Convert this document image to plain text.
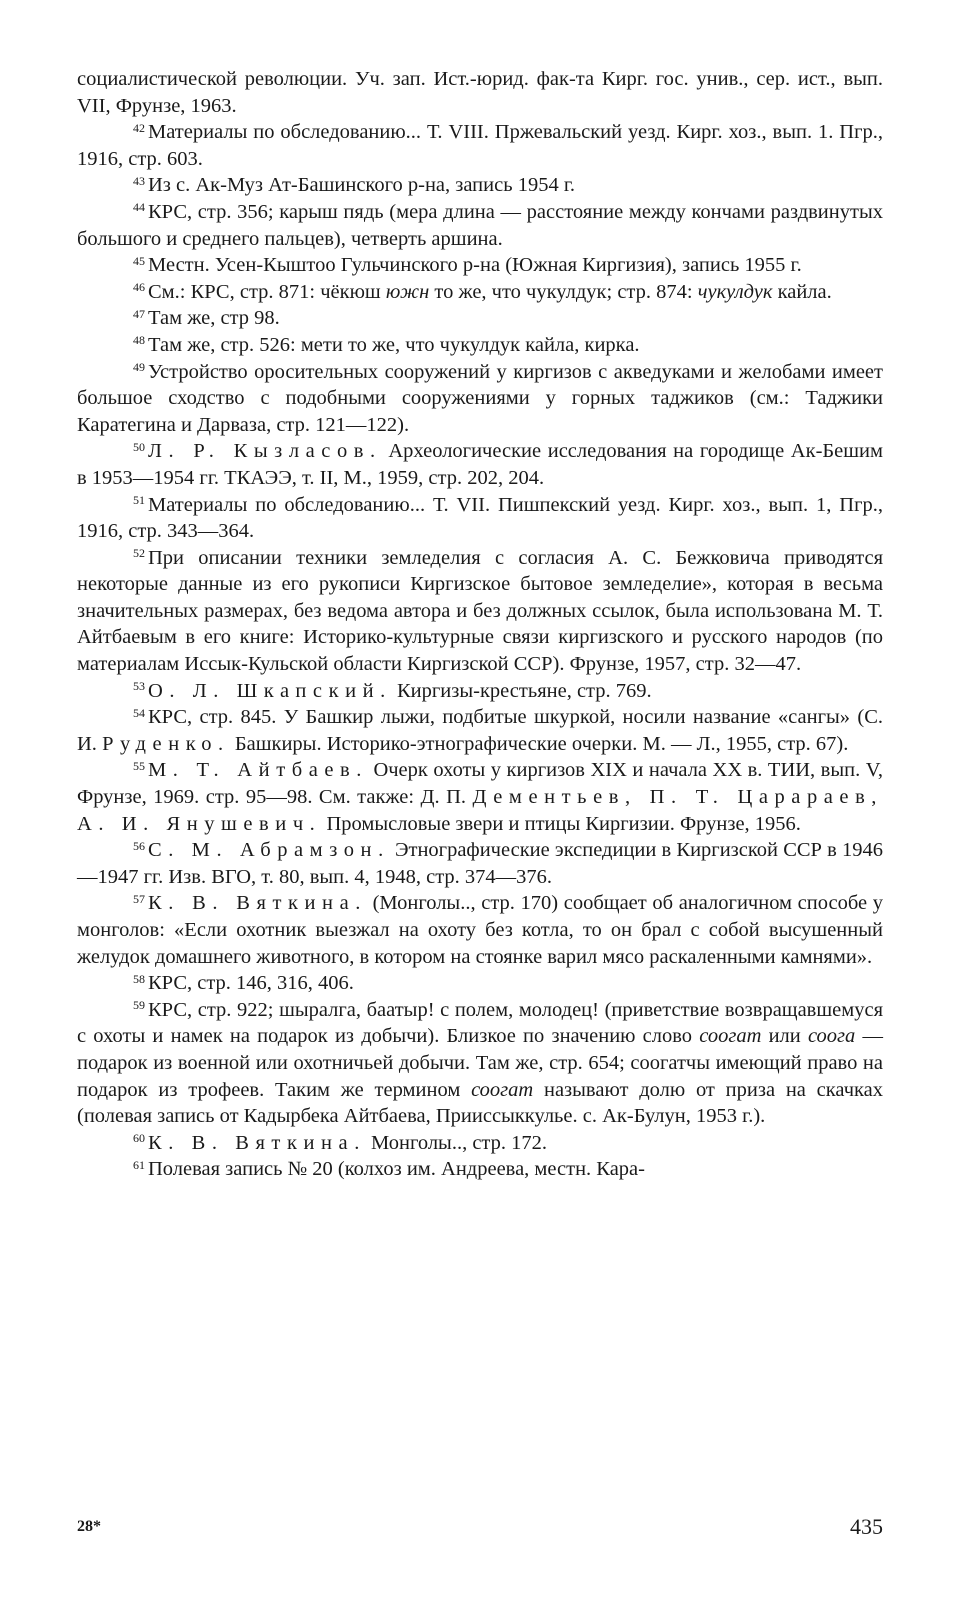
социалистической революции. Уч. зап. Ист.-юрид. фак-та Кирг. гос. унив., сер. ист., вып. VII, Фрунзе, 1963.

$^{42}$ Материалы по обследованию... Т. VIII. Пржевальский уезд. Кирг. хоз., вып. 1. Пгр., 1916, стр. 603.

$^{43}$ Из с. Ак-Муз Ат-Башинского р-на, запись 1954 г.

$^{44}$ КРС, стр. 356; карыш пядь (мера длина — расстояние между кончами раздвинутых большого и среднего пальцев), четверть аршина.

$^{45}$ Местн. Усен-Кыштоо Гульчинского р-на (Южная Киргизия), запись 1955 г.

$^{46}$ См.: КРС, стр. 871: чёкюш южн то же, что чукулдук; стр. 874: чукулдук кайла.

$^{47}$ Там же, стр 98.

$^{48}$ Там же, стр. 526: мети то же, что чукулдук кайла, кирка.

$^{49}$ Устройство оросительных сооружений у киргизов с акведуками и желобами имеет большое сходство с подобными сооружениями у горных таджиков (см.: Таджики Каратегина и Дарваза, стр. 121—122).

$^{50}$ Л. Р. Кызласов. Археологические исследования на городище Ак-Бешим в 1953—1954 гг. ТКАЭЭ, т. II, М., 1959, стр. 202, 204.

$^{51}$ Материалы по обследованию... Т. VII. Пишпекский уезд. Кирг. хоз., вып. 1, Пгр., 1916, стр. 343—364.

$^{52}$ При описании техники земледелия с согласия А. С. Бежковича приводятся некоторые данные из его рукописи Киргизское бытовое земледелие», которая в весьма значительных размерах, без ведома автора и без должных ссылок, была использована М. Т. Айтбаевым в его книге: Историко-культурные связи киргизского и русского народов (по материалам Иссык-Кульской области Киргизской ССР). Фрунзе, 1957, стр. 32—47.

$^{53}$ О. Л. Шкапский. Киргизы-крестьяне, стр. 769.

$^{54}$ КРС, стр. 845. У Башкир лыжи, подбитые шкуркой, носили название «сангы» (С. И. Руденко. Башкиры. Историко-этнографические очерки. М. — Л., 1955, стр. 67).

$^{55}$ М. Т. Айтбаев. Очерк охоты у киргизов XIX и начала XX в. ТИИ, вып. V, Фрунзе, 1969. стр. 95—98. См. также: Д. П. Дементьев, П. Т. Царараев, А. И. Янушевич. Промысловые звери и птицы Киргизии. Фрунзе, 1956.

$^{56}$ С. М. Абрамзон. Этнографические экспедиции в Киргизской ССР в 1946—1947 гг. Изв. ВГО, т. 80, вып. 4, 1948, стр. 374—376.

$^{57}$ К. В. Вяткина. (Монголы.., стр. 170) сообщает об аналогичном способе у монголов: «Если охотник выезжал на охоту без котла, то он брал с собой высушенный желудок домашнего животного, в котором на стоянке варил мясо раскаленными камнями».

$^{58}$ КРС, стр. 146, 316, 406.

$^{59}$ КРС, стр. 922; шыралга, баатыр! с полем, молодец! (приветствие возвращавшемуся с охоты и намек на подарок из добычи). Близкое по значению слово соогат или соога — подарок из военной или охотничьей добычи. Там же, стр. 654; соогатчы имеющий право на подарок из трофеев. Таким же термином соогат называют долю от приза на скачках (полевая запись от Кадырбека Айтбаева, Прииссыккулье. с. Ак-Булун, 1953 г.).

$^{60}$ К. В. Вяткина. Монголы.., стр. 172.

$^{61}$ Полевая запись № 20 (колхоз им. Андреева, местн. Кара-

28*	435
